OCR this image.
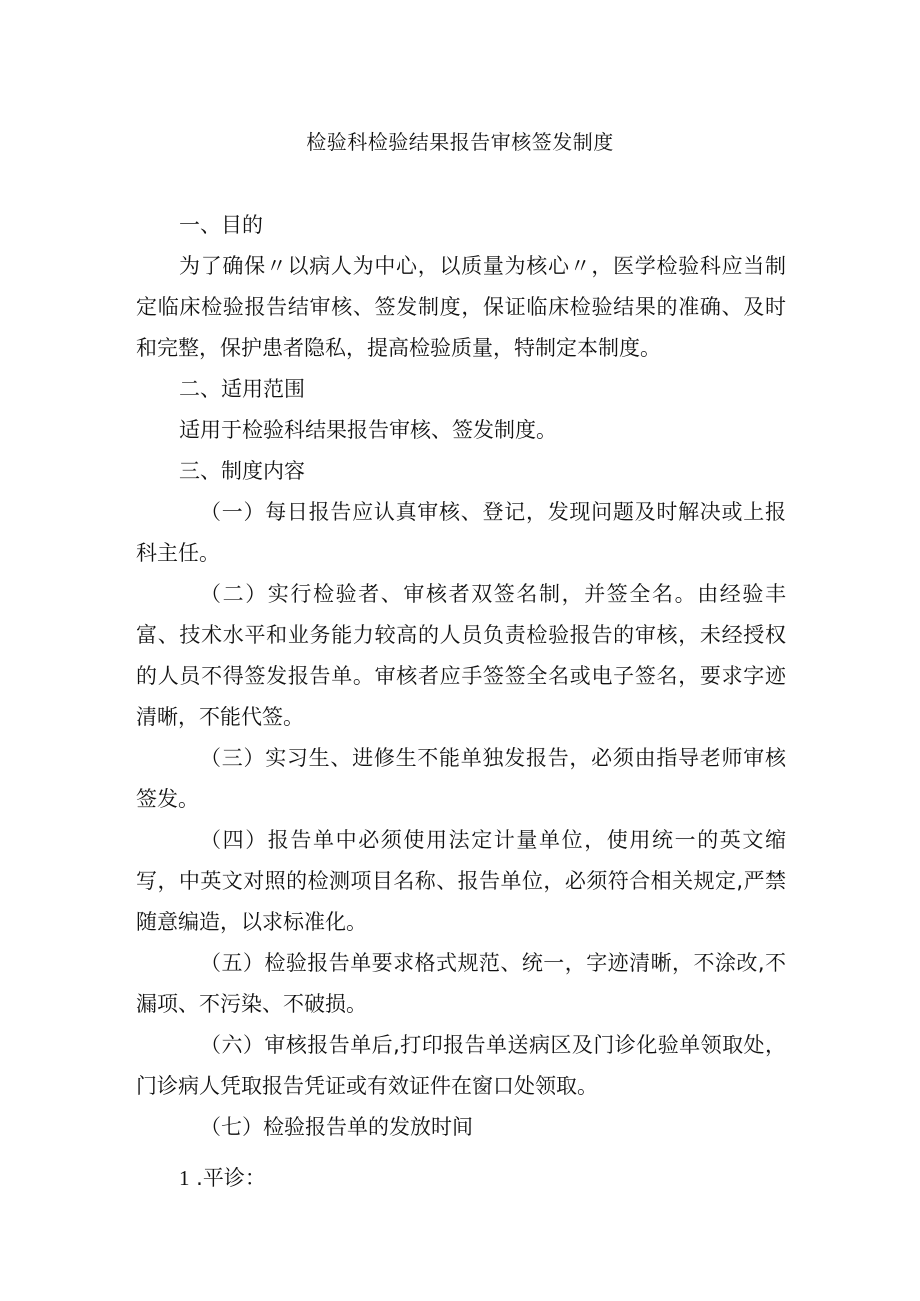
检验科检验结果报告审核签发制度

一、目的

为了确保〃以病人为中心，以质量为核心〃，医学检验科应当制定临床检验报告结审核、签发制度，保证临床检验结果的准确、及时和完整，保护患者隐私，提高检验质量，特制定本制度。

二、适用范围

适用于检验科结果报告审核、签发制度。

三、制度内容

（一）每日报告应认真审核、登记，发现问题及时解决或上报科主任。

（二）实行检验者、审核者双签名制，并签全名。由经验丰富、技术水平和业务能力较高的人员负责检验报告的审核，未经授权的人员不得签发报告单。审核者应手签签全名或电子签名，要求字迹清晰，不能代签。

（三）实习生、进修生不能单独发报告，必须由指导老师审核签发。

（四）报告单中必须使用法定计量单位，使用统一的英文缩写，中英文对照的检测项目名称、报告单位，必须符合相关规定,严禁随意编造，以求标准化。

（五）检验报告单要求格式规范、统一，字迹清晰，不涂改,不漏项、不污染、不破损。

（六）审核报告单后,打印报告单送病区及门诊化验单领取处，门诊病人凭取报告凭证或有效证件在窗口处领取。

（七）检验报告单的发放时间

1 .平诊：
